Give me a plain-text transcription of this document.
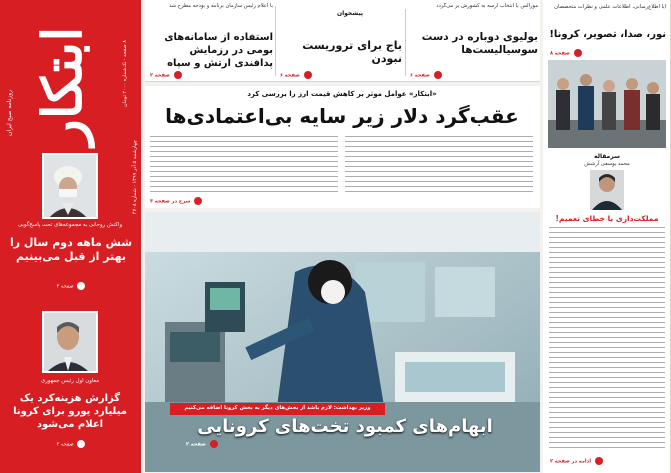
ابتکار
روزنامه صبح ایران	۸ صفحه · تک‌شماره ۲۰۰۰ تومان
چهارشنبه ۵ آذر ۱۳۹۹ · شماره ۴۷۰۸
واکنش روحانی به مجموعه‌های تحت پاسخ‌گویی
شش ماهه دوم سال را بهتر از قبل می‌بینیم
صفحه ۲
معاون اول رئیس جمهوری
گزارش هزینه‌کرد یک میلیارد یورو برای کرونا اعلام می‌شود
صفحه ۲
با اعلام رئیس سازمان برنامه و بودجه مطرح شد
استفاده از سامانه‌های بومی در رزمایش پدافندی ارتش و سپاه
صفحه ۲
باج برای تروریست نبودن
صفحه ۶
مورالس با انتخاب آرسه به کشورش بر می‌گردد
بولیوی دوباره در دست سوسیالیست‌ها
صفحه ۶
پیشخوان
«ابتکار» عوامل موثر بر کاهش قیمت ارز را بررسی کرد
عقب‌گرد دلار زیر سایه بی‌اعتمادی‌ها
شرح در صفحه ۳
وزیر بهداشت: لازم باشد از بخش‌های دیگر به بخش کرونا اضافه می‌کنیم
ابهام‌های کمبود تخت‌های کرونایی
صفحه ۲
آیا اطلاع‌رسانی، اطلاعات علمی و نظرات متخصصان
نور، صدا، تصویر، کرونا!
صفحه ۸
سرمقاله
محمد یوسفی آرشش
مملکت‌داری با خطای تعمیم!
ادامه در صفحه ۲
